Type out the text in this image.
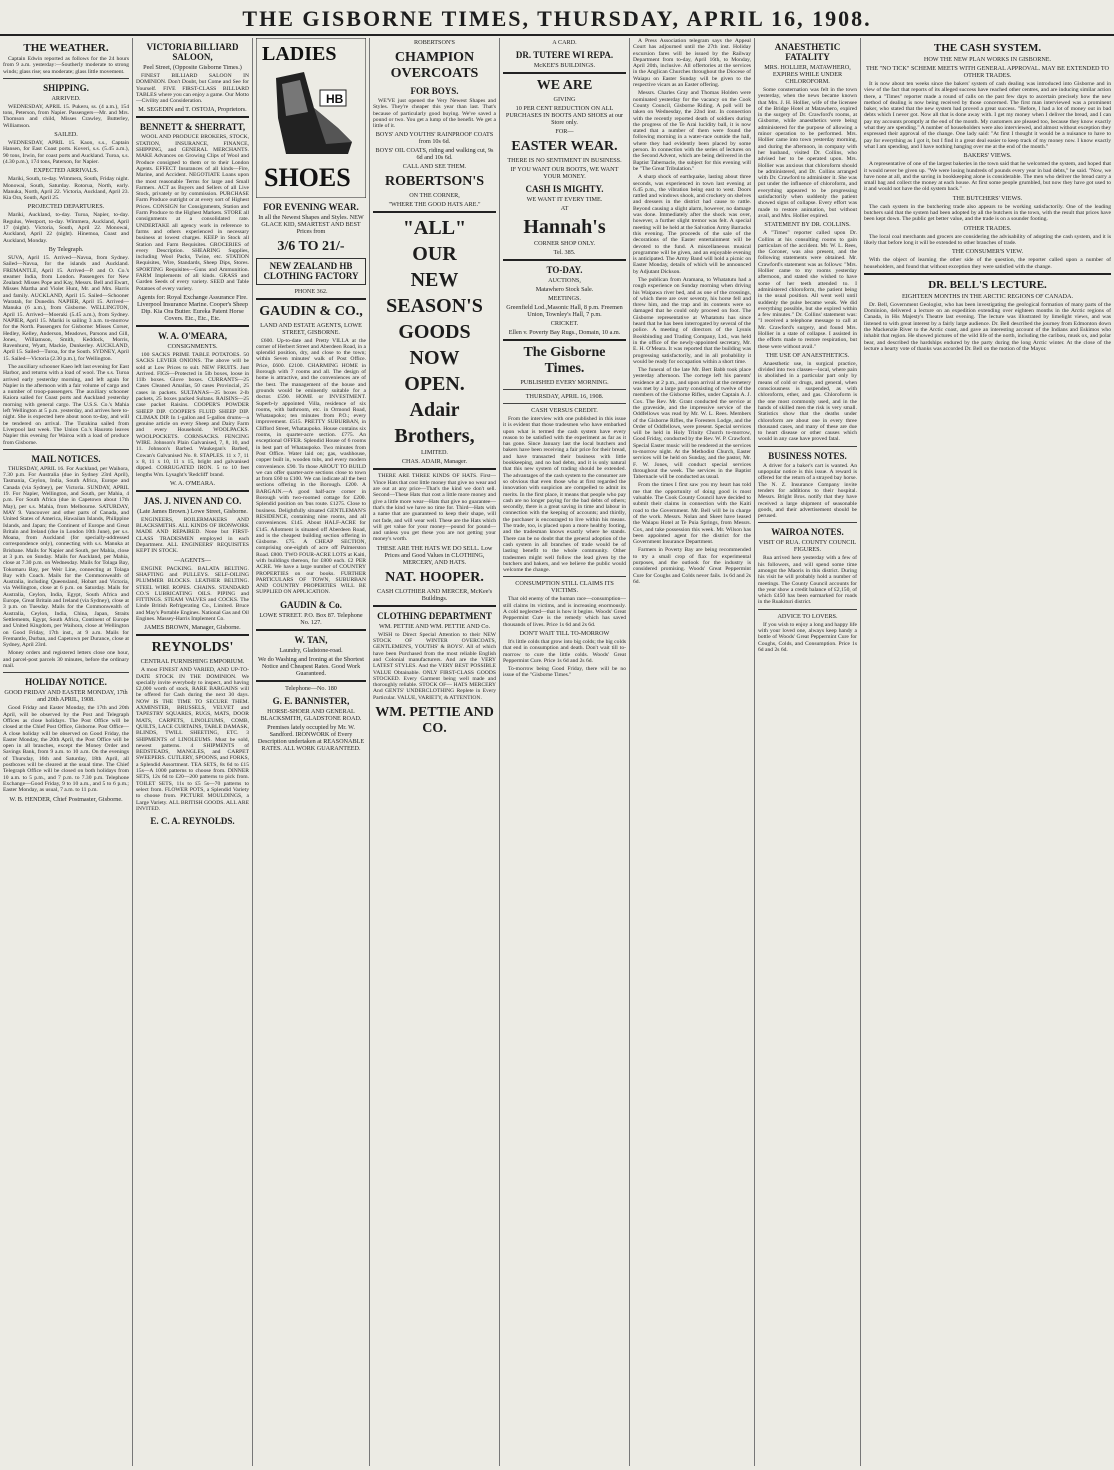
THE GISBORNE TIMES, THURSDAY, APRIL 16, 1908.
THE WEATHER.
Captain Edwin reported as follows for the 24 hours from 9 a.m. yesterday:—Southerly moderate to strong winds; glass rise; sea moderate; glass little movement.
SHIPPING.
ARRIVED.
WEDNESDAY, APRIL 15. Pukeru, ss. (4 a.m.), 154 tons, Peterson, from Napier. Passengers—Mr. and Mrs. Thomson and child, Misses Crawley, Butterley, Williamson.
SAILED.
WEDNESDAY, APRIL 15. Kaon, s.s., Captain Hansen, for East Coast ports. Koveri, s.s. (5.45 a.m.), 90 tons, Irwin, for coast ports and Auckland. Turoa, s.s. (4.30 p.m.), 174 tons, Paterson, for Napier.
EXPECTED ARRIVALS.
Mariki, South, to-day. Wimmera, South, Friday night. Monowai, South, Saturday. Rotorua, North, early. Manuka, North, April 22. Victoria, Auckland, April 23. Kia Ora, South, April 25.
PROJECTED DEPARTURES.
Mariki, Auckland, to-day. Turoa, Napier, to-day. Regulus, Westport, to-day. Wimmera, Auckland, April 17 (night). Victoria, South, April 22. Monowai, Auckland, April 22 (night). Hinemoa, Coast and Auckland, Monday.
By Telegraph.
SUVA, April 15. Arrived—Navua, from Sydney. Sailed—Navua, for the islands and Auckland. FREMANTLE, April 15. Arrived—P. and O. Co.'s steamer India, from London. Passengers for New Zealand: Misses Pope and Kay, Messrs. Bell and Ewart, Misses Martha and Violet Hunt, Mr. and Mrs. Harris and family. AUCKLAND, April 15. Sailed—Schooner Waratah, for Dunedin. NAPIER, April 15. Arrived—Manuka (6 a.m.), from Gisborne. WELLINGTON, April 15. Arrived—Moeraki (5.45 a.m.), from Sydney. NAPIER, April 15. Mariki is sailing 3 a.m. to-morrow for the North. Passengers for Gisborne: Misses Corser, Hedley, Kelley, Anderson, Meadows, Parsons and Gill, Jones, Williamson, Smith, Keddock, Morris, Ravenhurst, Wyatt, Mackie, Dunkerley. AUCKLAND, April 15. Sailed—Turoa, for the South. SYDNEY, April 15. Sailed—Victoria (2.30 p.m.), for Wellington.
The auxiliary schooner Kaeo left last evening for East Harbor, and returns with a load of wool. The s.s. Turoa arrived early yesterday morning, and left again for Napier in the afternoon with a fair volume of cargo and a number of troop-passengers. The auxiliary schooner Kaiora sailed for Coast ports and Auckland yesterday morning with general cargo. The U.S.S. Co.'s Mahia left Wellington at 5 p.m. yesterday, and arrives here to-night. She is expected here about noon to-day, and will be tendered on arrival. The Turakina sailed from Liverpool last week. The Union Co.'s Hauroto leaves Napier this evening for Wairoa with a load of produce from Gisborne.
MAIL NOTICES.
THURSDAY, APRIL 16. For Auckland, per Waihora, 7.30 p.m. For Australia (due in Sydney 23rd April), Tasmania, Ceylon, India, South Africa, Europe and Canada (via Sydney), per Victoria. SUNDAY, APRIL 19. For Napier, Wellington, and South, per Mahia, 4 p.m. For South Africa (due in Capetown about 17th May), per s.s. Mahia, from Melbourne. SATURDAY, MAY 9. Vancouver and other parts of Canada, and United States of America, Hawaiian Islands, Philippine Islands, and Japan; the Continent of Europe and Great Britain and Ireland (due in London 10th June), per s.s. Moana, from Auckland (for specially-addressed correspondence only), connecting with s.s. Manuka at Brisbane. Mails for Napier and South, per Mahia, close at 3 p.m. on Sunday. Mails for Auckland, per Mahia, close at 7.30 p.m. on Wednesday. Mails for Tolaga Bay, Tokomaru Bay, per Weir Line, connecting at Tolaga Bay with Coach. Mails for the Commonwealth of Australia, including Queensland, Hobart and Victoria, via Wellington, close at 6 p.m. on Saturday. Mails for Australia, Ceylon, India, Egypt, South Africa and Europe, Great Britain and Ireland (via Sydney), close at 3 p.m. on Tuesday. Mails for the Commonwealth of Australia, Ceylon, India, China, Japan, Straits Settlements, Egypt, South Africa, Continent of Europe and United Kingdom, per Waihora, close at Wellington on Good Friday, 17th inst., at 9 a.m. Mails for Fremantle, Durban, and Capetown per Durance, close at Sydney, April 23rd.
Money orders and registered letters close one hour, and parcel-post parcels 30 minutes, before the ordinary mail.
HOLIDAY NOTICE.
GOOD FRIDAY AND EASTER MONDAY, 17th and 20th APRIL, 1908.
Good Friday and Easter Monday, the 17th and 20th April, will be observed by the Post and Telegraph Offices as close holidays. The Post Office will be closed at the Chief Post Office, Gisborne. Post Office—A close holiday will be observed on Good Friday, the Easter Monday, the 20th April, the Post Office will be open in all branches, except the Money Order and Savings Bank, from 9 a.m. to 10 a.m. On the evenings of Thursday, 16th and Saturday, 18th April, all postboxes will be cleared at the usual time. The Chief Telegraph Office will be closed on both holidays from 10 a.m. to 5 p.m., and 7 p.m. to 7.30 p.m. Telephone Exchange—Good Friday, 9 to 10 a.m., and 5 to 6 p.m.; Easter Monday, as usual, 7 a.m. to 11 p.m.
W. B. HENDER, Chief Postmaster, Gisborne.
VICTORIA BILLIARD SALOON,
Peel Street, (Opposite Gisborne Times.)
FINEST BILLIARD SALOON IN DOMINION. Don't Doubt, but Come and See for Yourself. FIVE FIRST-CLASS BILLIARD TABLES where you can enjoy a game. Our Motto—Civility and Consideration.
M. SEGEDIN and T. OSTOJA, Proprietors.
BENNETT & SHERRATT,
WOOL AND PRODUCE BROKERS, STOCK, STATION, INSURANCE, FINANCE, SHIPPING, and GENERAL MERCHANTS. MAKE Advances on Growing Clips of Wool and Produce consigned to them or to their London Agents. EFFECT Insurances of all kinds—Fire, Marine, and Accident. NEGOTIATE Loans upon the most reasonable Terms for large and Small Farmers. ACT as Buyers and Sellers of all Live Stock, privately or by commission. PURCHASE Farm Produce outright or at every sort of Highest Prices. CONSIGN for Consignments, Station and Farm Produce to the Highest Markets. STORE all consignments at a consolidated rate. UNDERTAKE all agency work in reference to farms and others experienced in necessary business at lowest charges. KEEP in Stock all Station and Farm Requisites. GROCERIES of every Description. SHEARING Supplies, including Wool Packs, Twine, etc. STATION Requisites, Wire, Standards, Sheep Dips, Stores. SPORTING Requisites—Guns and Ammunition. FARM Implements of all kinds. GRASS and Garden Seeds of every variety. SEED and Table Potatoes of every variety.
Agents for: Royal Exchange Assurance Fire. Liverpool Insurance Marine. Cooper's Sheep Dip. Kia Ora Butter. Eureka Patent Horse Covers. Etc., Etc., Etc.
W. A. O'MEARA,
CONSIGNMENTS.
100 SACKS PRIME TABLE POTATOES. 50 SACKS LEVIER ONIONS. The above will be sold at Low Prices to suit. NEW FRUITS. Just Arrived. FIGS—Protected in 5lb boxes, loose in 11lb boxes. Glove boxes. CURRANTS—25 Cases Cleaned Amalias, 50 cases Provincial, 25 cases in packets. SULTANAS—25 boxes 2-lb packets, 25 boxes packed Sultans. RAISINS—25 case packet Raisins. COOPER'S POWDER SHEEP DIP. COOPER'S FLUID SHEEP DIP. CLIMAX DIP. In 1-gallon and 5-gallon drums—a genuine article on every Sheep and Dairy Farm and every Household. WOOLPACKS. WOOLPOCKETS. CORNSACKS. FENCING WIRE. Johnson's Plain Galvanised, 7, 8, 10, and 11. Johnson's Barbed. Waukegan's Barbed, Cowan's Galvanised No. 8. STAPLES. 11 x 7, 11 x 8, 11 x 10, 11 x 15, bright and galvanised dipped. CORRUGATED IRON. 5 to 10 feet lengths Wm. Lysaght's 'Redcliff' brand.
W. A. O'MEARA.
JAS. J. NIVEN AND CO.
(Late James Brown.) Lowe Street, Gisborne.
ENGINEERS, BOILERMAKERS AND BLACKSMITHS. ALL KINDS OF IRONWORK MADE AND REPAIRED. None but FIRST-CLASS TRADESMEN employed in each Department. ALL ENGINEERS' REQUISITES KEPT IN STOCK.
—AGENTS—
ENGINE PACKING. BALATA BELTING. SHAFTING and PULLEYS. SELF-OILING PLUMMER BLOCKS. LEATHER BELTING. STEEL WIRE ROPES. CHAINS. STANDARD CO.'S LUBRICATING OILS. PIPING and FITTINGS. STEAM VALVES and COCKS. The Linde British Refrigerating Co., Limited. Bruce and May's Portable Engines. National Gas and Oil Engines. Massey-Harris Implement Co.
JAMES BROWN, Manager, Gisborne.
REYNOLDS'
CENTRAL FURNISHING EMPORIUM.
A most FINEST AND VARIED, AND UP-TO-DATE STOCK IN THE DOMINION. We specially invite everybody to inspect, and having £2,000 worth of stock, RARE BARGAINS will be offered for Cash during the next 30 days. NOW IS THE TIME TO SECURE THEM. AXMINSTER, BRUSSELS, VELVET and TAPESTRY SQUARES, RUGS, MATS, DOOR MATS, CARPETS, LINOLEUMS, COMB, QUILTS, LACE CURTAINS, TABLE DAMASK, BLINDS, TWILL SHEETING, ETC. 3 SHIPMENTS of LINOLEUMS. Must be sold, newest patterns. 4 SHIPMENTS of BEDSTEADS, MANGLES, and CARPET SWEEPERS. CUTLERY, SPOONS, and FORKS, a Splendid Assortment. TEA SETS, 8s 6d to £15 15s—A 1000 patterns to choose from. DINNER SETS, 12s 6d to £20—200 patterns to pick from. TOILET SETS, 11s to £5 5s—70 patterns to select from. FLOWER POTS, a Splendid Variety to choose from. PICTURE MOULDINGS, a Large Variety. ALL BRITISH GOODS. ALL ARE INVITED.
E. C. A. REYNOLDS.
LADIES
HB
SHOES
FOR EVENING WEAR.
In all the Newest Shapes and Styles. NEW GLACE KID, SMARTEST AND BEST Prices from
3/6 TO 21/-
NEW ZEALAND HB CLOTHING FACTORY
PHONE 362.
GAUDIN & CO.,
LAND AND ESTATE AGENTS, LOWE STREET, GISBORNE.
£600. Up-to-date and Pretty VILLA at the corner of Herbert Street and Aberdeen Road, in a splendid position, dry, and close to the town; within Seven minutes' walk of Post Office. Price, £600. £2100. CHARMING HOME in Borough with 7 rooms and all. The design of home is attractive, and the conveniences are of the best. The management of the house and grounds would be eminently suitable for a doctor. £590. HOME or INVESTMENT. Superb-ly appointed Villa, residence of six rooms, with bathroom, etc. in Ormond Road, Whataupoko; ten minutes from P.O.; every improvement. £515. PRETTY SUBURBAN, in Clifford Street, Whataupoko. House contains six rooms, in quarter-acre section. £775. An exceptional OFFER. Splendid House of 6 rooms in best part of Whataupoko. Two minutes from Post Office. Water laid on; gas, washhouse, copper built in, wooden tubs, and every modern convenience. £90. To those ABOUT TO BUILD we can offer quarter-acre sections close to town at from £60 to £100. We can indicate all the best sections offering in the Borough. £200. A BARGAIN.—A good half-acre corner in Borough with two-roomed cottage for £200. Splendid position on 'bus route. £1275. Close to business. Delightfully situated GENTLEMAN'S RESIDENCE, containing nine rooms, and all conveniences. £145. About HALF-ACRE for £145. Allotment is situated off Aberdeen Road, and is the cheapest building section offering in Gisborne. £75. A CHEAP SECTION, comprising one-eighth of acre off Palmerston Road. £800. TWO FOUR-ACRE LOTS at Kaiti, with buildings thereon, for £800 each. £2 PER ACRE. We have a large number of COUNTRY PROPERTIES on our books. FURTHER PARTICULARS OF TOWN, SUBURBAN AND COUNTRY PROPERTIES WILL BE SUPPLIED ON APPLICATION.
GAUDIN & Co.
LOWE STREET. P.O. Box 87. Telephone No. 127.
W. TAN,
Laundry, Gladstone-road.
We do Washing and Ironing at the Shortest Notice and Cheapest Rates. Good Work Guaranteed.
Telephone—No. 180
G. E. BANNISTER,
HORSE-SHOER AND GENERAL BLACKSMITH, GLADSTONE ROAD.
Premises lately occupied by Mr. W. Sandford. IRONWORK of Every Description undertaken at REASONABLE RATES. ALL WORK GUARANTEED.
ROBERTSON'S
CHAMPION OVERCOATS
FOR BOYS.
WE'VE just opened the Very Newest Shapes and Styles. They're cheaper this year than last. That's because of particularly good buying. We've saved a pound or two. You get a lump of the benefit. We get a little of it.
BOYS' AND YOUTHS' RAINPROOF COATS from 10s 6d.
BOYS' OIL COATS, riding and walking cut, 9s 6d and 10s 6d.
CALL AND SEE THEM.
ROBERTSON'S
ON THE CORNER,
"WHERE THE GOOD HATS ARE."
"ALL"
OUR
NEW
SEASON'S
GOODS
NOW
OPEN.
Adair
Brothers,
LIMITED.
CHAS. ADAIR, Manager.
THERE ARE THREE KINDS OF HATS. First—Vince Hats that cost little money that give no wear and are out at any price—That's the kind we don't sell. Second—These Hats that cost a little more money and give a little more wear—Hats that give no guarantee—that's the kind we have no time for. Third—Hats with a name that are guaranteed to keep their shape, will not fade, and will wear well. These are the Hats which will get value for your money—pound for pound—and unless you get these you are not getting your money's worth.
THESE ARE THE HATS WE DO SELL. Low Prices and Good Values in CLOTHING, MERCERY, AND HATS.
NAT. HOOPER.
CASH CLOTHIER AND MERCER, McKee's Buildings.
CLOTHING DEPARTMENT
WM. PETTIE AND WM. PETTIE AND Co.
WISH to Direct Special Attention to their NEW STOCK OF WINTER OVERCOATS, GENTLEMEN'S, YOUTHS' & BOYS'. All of which have been Purchased from the most reliable English and Colonial manufacturers. And are the VERY LATEST STYLES. And the VERY BEST POSSIBLE VALUE Obtainable. ONLY FIRST-CLASS GOODS STOCKED. Every Garment being well made and thoroughly reliable. STOCK OF— HATS MERCERY And GENTS' UNDERCLOTHING Replete in Every Particular. VALUE, VARIETY, & ATTENTION.
WM. PETTIE AND CO.
A CARD.
DR. TUTERE WI REPA.
McKEE'S BUILDINGS.
WE ARE
GIVING
10 PER CENT REDUCTION ON ALL PURCHASES IN BOOTS AND SHOES at our Store only.
FOR—
EASTER WEAR.
THERE IS NO SENTIMENT IN BUSINESS.
IF YOU WANT OUR BOOTS, WE WANT YOUR MONEY.
CASH IS MIGHTY.
WE WANT IT EVERY TIME.
AT
Hannah's
CORNER SHOP ONLY.
Tel. 385.
TO-DAY.
AUCTIONS,
Matawhero Stock Sale.
MEETINGS.
Greenfield Lod.,Masonic Hall, 8 p.m. Freemen Union, Townley's Hall, 7 p.m.
CRICKET.
Ellen v. Poverty Bay Rugs., Domain, 10 a.m.
The Gisborne Times.
PUBLISHED EVERY MORNING.
THURSDAY, APRIL 16, 1908.
CASH VERSUS CREDIT.
From the interview with one published in this issue it is evident that those tradesmen who have embarked upon what is termed the cash system have every reason to be satisfied with the experiment as far as it has gone. Since January last the local butchers and bakers have been receiving a fair price for their bread, and have transacted their business with little bookkeeping, and no bad debts, and it is only natural that this new system of trading should be extended. The advantages of the cash system to the consumer are so obvious that even those who at first regarded the innovation with suspicion are compelled to admit its merits. In the first place, it means that people who pay cash are no longer paying for the bad debts of others; secondly, there is a great saving in time and labour in connection with the keeping of accounts; and thirdly, the purchaser is encouraged to live within his means. The trade, too, is placed upon a more healthy footing, and the tradesman knows exactly where he stands. There can be no doubt that the general adoption of the cash system in all branches of trade would be of lasting benefit to the whole community. Other tradesmen might well follow the lead given by the butchers and bakers, and we believe the public would welcome the change.
CONSUMPTION STILL CLAIMS ITS VICTIMS.
That old enemy of the human race—consumption—still claims its victims, and is increasing enormously. A cold neglected—that is how it begins. Woods' Great Peppermint Cure is the remedy which has saved thousands of lives. Price 1s 6d and 2s 6d.
DON'T WAIT TILL TO-MORROW
It's little colds that grow into big colds; the big colds that end in consumption and death. Don't wait till to-morrow to cure the little colds. Woods' Great Peppermint Cure. Price 1s 6d and 2s 6d.
To-morrow being Good Friday, there will be no issue of the "Gisborne Times."
A Press Association telegram says the Appeal Court has adjourned until the 27th inst. Holiday excursion fares will be issued by the Railway Department from to-day, April 16th, to Monday, April 20th, inclusive. All offertories at the services in the Anglican Churches throughout the Diocese of Waiapu on Easter Sunday will be given to the respective vicars as an Easter offering.
Messrs. Charles Gray and Thomas Holden were nominated yesterday for the vacancy on the Cook County Council, Gisborne Riding. A poll will be taken on Wednesday, the 22nd inst. In connection with the recently reported death of soldiers during the progress of the Te Arai lucidity ball, it is now stated that a number of them were found the following morning in a water-race outside the hall, where they had evidently been placed by some person. In connection with the series of lectures on the Second Advent, which are being delivered in the Baptist Tabernacle, the subject for this evening will be "The Great Tribulation."
A sharp shock of earthquake, lasting about three seconds, was experienced in town last evening at 6.45 p.m., the vibration being east to west. Doors rattled and windows shook, and crockery on shelves and dressers in the district had cause to rattle. Beyond causing a slight alarm, however, no damage was done. Immediately after the shock was over, however, a further slight tremor was felt. A special meeting will be held at the Salvation Army Barracks this evening. The proceeds of the sale of the decorations of the Easter entertainment will be devoted to the fund. A miscellaneous musical programme will be given, and an enjoyable evening is anticipated. The Army Band will hold a picnic on Easter Monday, details of which will be announced by Adjutant Dickson.
The publican from Aramana, to Whatatutu had a rough experience on Sunday morning when driving his Waipawa river bed, and as one of the crossings, of which there are over seventy, his horse fell and threw him, and the trap and its contents were so damaged that he could only proceed on foot. The Gisborne representative at Whatatutu has since heard that he has been interrogated by several of the police. A meeting of directors of the Lysnis Bookbinding and Trading Company, Ltd., was held in the office of the newly-appointed secretary, Mr. E. H. O'Meara. It was reported that the building was progressing satisfactorily, and in all probability it would be ready for occupation within a short time.
The funeral of the late Mr. Bert Babb took place yesterday afternoon. The cortege left his parents' residence at 2 p.m., and upon arrival at the cemetery was met by a large party consisting of twelve of the members of the Gisborne Rifles, under Captain A. J. Cox. The Rev. Mr. Grant conducted the service at the graveside, and the impressive service of the Oddfellows was read by Mr. W. L. Rees. Members of the Gisborne Rifles, the Foresters Lodge, and the Order of Oddfellows, were present. Special services will be held in Holy Trinity Church to-morrow, Good Friday, conducted by the Rev. W. P. Crawford. Special Easter music will be rendered at the services to-morrow night. At the Methodist Church, Easter services will be held on Sunday, and the pastor, Mr. F. W. Jones, will conduct special services throughout the week. The services in the Baptist Tabernacle will be conducted as usual.
From the times I first saw you my heart has told me that the opportunity of doing good is most valuable. The Cook County Council have decided to submit their claims in connection with the Kaiti road to the Government. Mr. Bell will be in charge of the work. Messrs. Nolan and Skeet have leased the Waiapu Hotel at Te Puia Springs, from Messrs. Cox, and take possession this week. Mr. Wilson has been appointed agent for the district for the Government Insurance Department.
Farmers in Poverty Bay are being recommended to try a small crop of flax for experimental purposes, and the outlook for the industry is considered promising. Woods' Great Peppermint Cure for Coughs and Colds never fails. 1s 6d and 2s 6d.
ANAESTHETIC FATALITY
MRS. HOLLIER, MATAWHERO, EXPIRES WHILE UNDER CHLOROFORM.
Some consternation was felt in the town yesterday, when the news became known that Mrs. J. H. Hollier, wife of the licensee of the Bridge Hotel at Matawhero, expired in the surgery of Dr. Crawford's rooms, at Gisborne, while anaesthetics were being administered for the purpose of allowing a minor operation to be performed. Mrs. Hollier came into town yesterday morning, and during the afternoon, in company with her husband, visited Dr. Collins, who advised her to be operated upon. Mrs. Hollier was anxious that chloroform should be administered, and Dr. Collins arranged with Dr. Crawford to administer it. She was put under the influence of chloroform, and everything appeared to be progressing satisfactorily when suddenly the patient showed signs of collapse. Every effort was made to restore animation, but without avail, and Mrs. Hollier expired.
STATEMENT BY DR. COLLINS.
A "Times" reporter called upon Dr. Collins at his consulting rooms to gain particulars of the accident. Mr. W. L. Rees, the Coroner, was also present, and the following statements were obtained. Mr. Crawford's statement was as follows: "Mrs. Hollier came to my rooms yesterday afternoon, and stated she wished to have some of her teeth attended to. I administered chloroform, the patient being in the usual position. All went well until suddenly the pulse became weak. We did everything possible, but she expired within a few minutes." Dr. Collins' statement was: "I received a telephone message to call at Mr. Crawford's surgery, and found Mrs. Hollier in a state of collapse. I assisted in the efforts made to restore respiration, but these were without avail."
THE USE OF ANAESTHETICS.
Anaesthetic use, in surgical practice, divided into two classes—local, where pain is abolished in a particular part only by means of cold or drugs, and general, when consciousness is suspended, as with chloroform, ether, and gas. Chloroform is the one most commonly used, and in the hands of skilled men the risk is very small. Statistics show that the deaths under chloroform are about one in every three thousand cases, and many of these are due to heart disease or other causes which would in any case have proved fatal.
BUSINESS NOTES.
A driver for a baker's cart is wanted. An unpopular notice is this issue. A reward is offered for the return of a strayed bay horse. The N. Z. Insurance Company invite tenders for additions to their hospital. Messrs. Bright Bros. notify that they have received a large shipment of seasonable goods, and their advertisement should be perused.
WAIROA NOTES.
VISIT OF RUA. COUNTY COUNCIL FIGURES.
Rua arrived here yesterday with a few of his followers, and will spend some time amongst the Maoris in this district. During his visit he will probably hold a number of meetings. The County Council accounts for the year show a credit balance of £2,150, of which £450 has been earmarked for roads in the Ruakituri district.
ADVICE TO LOVERS.
If you wish to enjoy a long and happy life with your loved one, always keep handy a bottle of Woods' Great Peppermint Cure for Coughs, Colds, and Consumption. Price 1s 6d and 2s 6d.
THE CASH SYSTEM.
HOW THE NEW PLAN WORKS IN GISBORNE.
THE "NO TICK" SCHEME MEETS WITH GENERAL APPROVAL. MAY BE EXTENDED TO OTHER TRADES.
It is now about ten weeks since the bakers' system of cash dealing was introduced into Gisborne and in view of the fact that reports of its alleged success have reached other centres, and are inducing similar action there, a "Times" reporter made a round of calls on the past few days to ascertain precisely how the new method of dealing is now being received by those concerned. The first man interviewed was a prominent baker, who stated that the new system had proved a great success. "Before, I had a lot of money out in bad debts which I never got. Now all that is done away with. I get my money when I deliver the bread, and I can pay my accounts promptly at the end of the month. My customers are pleased too, because they know exactly what they are spending." A number of householders were also interviewed, and almost without exception they expressed their approval of the change. One lady said: "At first I thought it would be a nuisance to have to pay for everything as I got it, but I find it a great deal easier to keep track of my money now. I know exactly what I am spending, and I have nothing hanging over me at the end of the month."
BAKERS' VIEWS.
A representative of one of the largest bakeries in the town said that he welcomed the system, and hoped that it would never be given up. "We were losing hundreds of pounds every year in bad debts," he said. "Now, we have none at all, and the saving in bookkeeping alone is considerable. The men who deliver the bread carry a small bag and collect the money at each house. At first some people grumbled, but now they have got used to it and would not have the old system back."
THE BUTCHERS' VIEWS.
The cash system in the butchering trade also appears to be working satisfactorily. One of the leading butchers said that the system had been adopted by all the butchers in the town, with the result that prices have been kept down. The public get better value, and the trade is on a sounder footing.
OTHER TRADES.
The local coal merchants and grocers are considering the advisability of adopting the cash system, and it is likely that before long it will be extended to other branches of trade.
THE CONSUMER'S VIEW.
With the object of learning the other side of the question, the reporter called upon a number of householders, and found that without exception they were satisfied with the change.
DR. BELL'S LECTURE.
EIGHTEEN MONTHS IN THE ARCTIC REGIONS OF CANADA.
Dr. Bell, Government Geologist, who has been investigating the geological formation of many parts of the Dominion, delivered a lecture on an expedition extending over eighteen months in the Arctic regions of Canada, in His Majesty's Theatre last evening. The lecture was illustrated by limelight views, and was listened to with great interest by a fairly large audience. Dr. Bell described the journey from Edmonton down the Mackenzie River to the Arctic coast, and gave an interesting account of the Indians and Eskimos who inhabit that region. He showed pictures of the wild life of the north, including the caribou, musk ox, and polar bear, and described the hardships endured by the party during the long Arctic winter. At the close of the lecture a hearty vote of thanks was accorded Dr. Bell on the motion of the Mayor.
